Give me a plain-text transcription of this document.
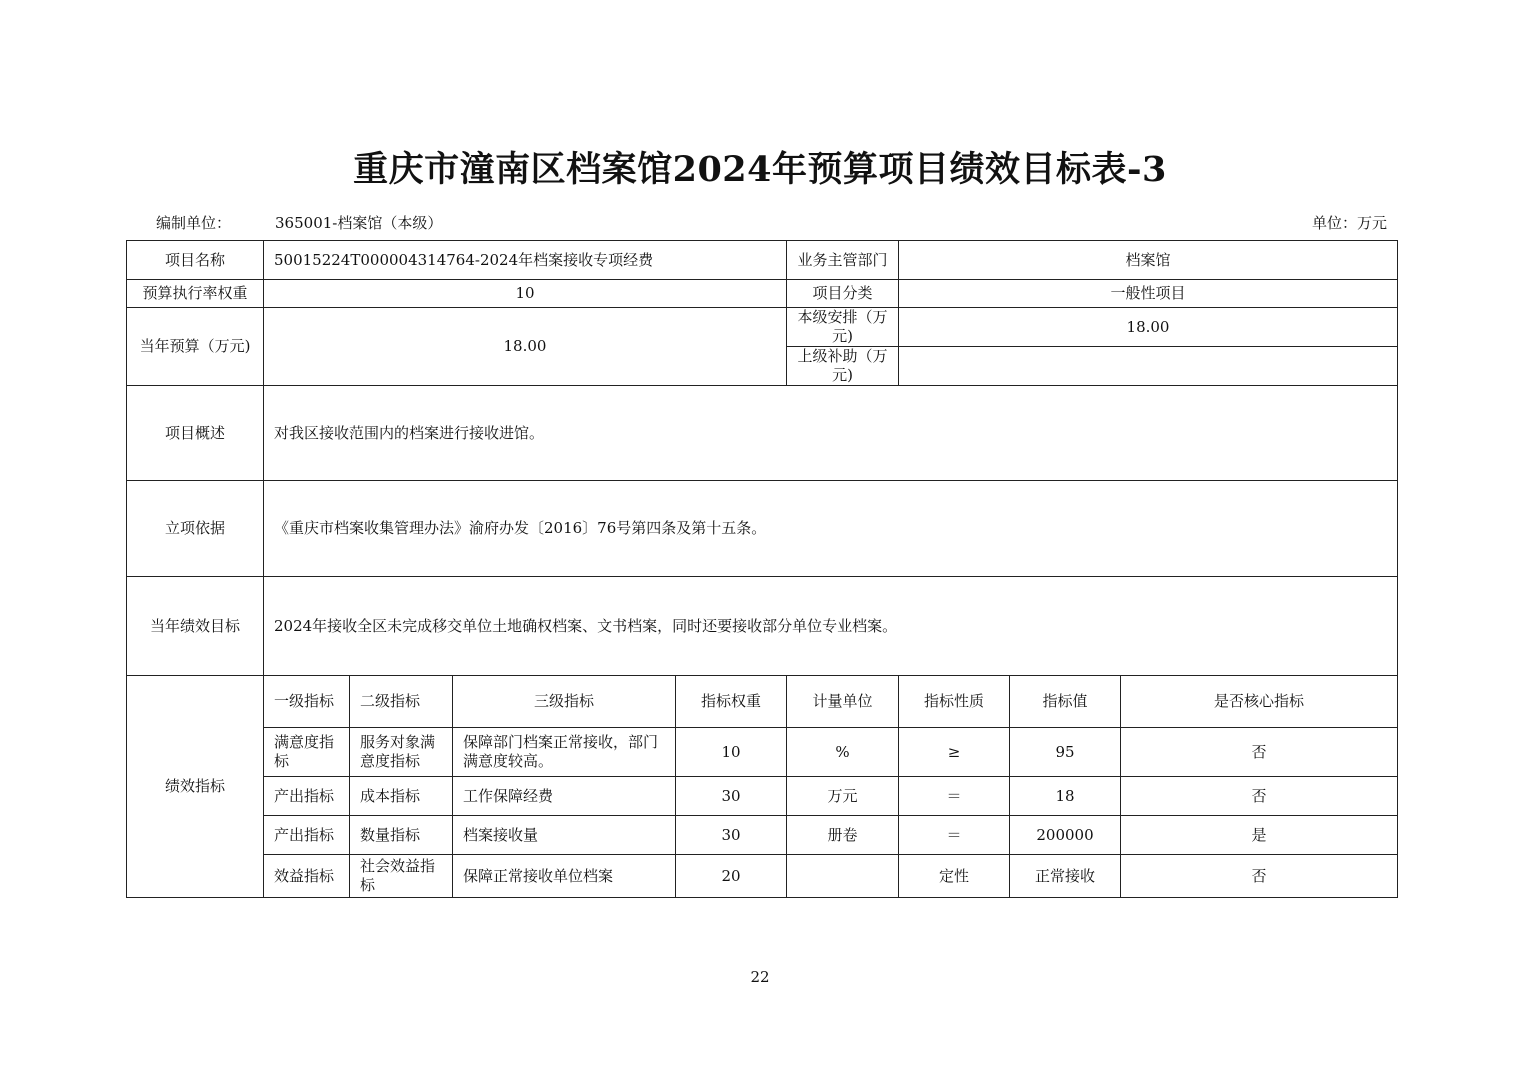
重庆市潼南区档案馆2024年预算项目绩效目标表-3
编制单位：	365001-档案馆（本级）	单位：万元
项目名称	50015224T000004314764-2024年档案接收专项经费				业务主管部门	档案馆		
预算执行率权重	10				项目分类	一般性项目		
当年预算（万元)	18.00				本级安排（万元)	18.00		
					上级补助（万元)			
项目概述	对我区接收范围内的档案进行接收进馆。							
立项依据	《重庆市档案收集管理办法》渝府办发〔2016〕76号第四条及第十五条。							
当年绩效目标	2024年接收全区未完成移交单位土地确权档案、文书档案，同时还要接收部分单位专业档案。							
绩效指标	一级指标	二级指标	三级指标	指标权重	计量单位	指标性质	指标值	是否核心指标
	满意度指标	服务对象满意度指标	保障部门档案正常接收，部门满意度较高。	10	%	≥	95	否
	产出指标	成本指标	工作保障经费	30	万元	＝	18	否
	产出指标	数量指标	档案接收量	30	册卷	＝	200000	是
	效益指标	社会效益指标	保障正常接收单位档案	20		定性	正常接收	否
22
